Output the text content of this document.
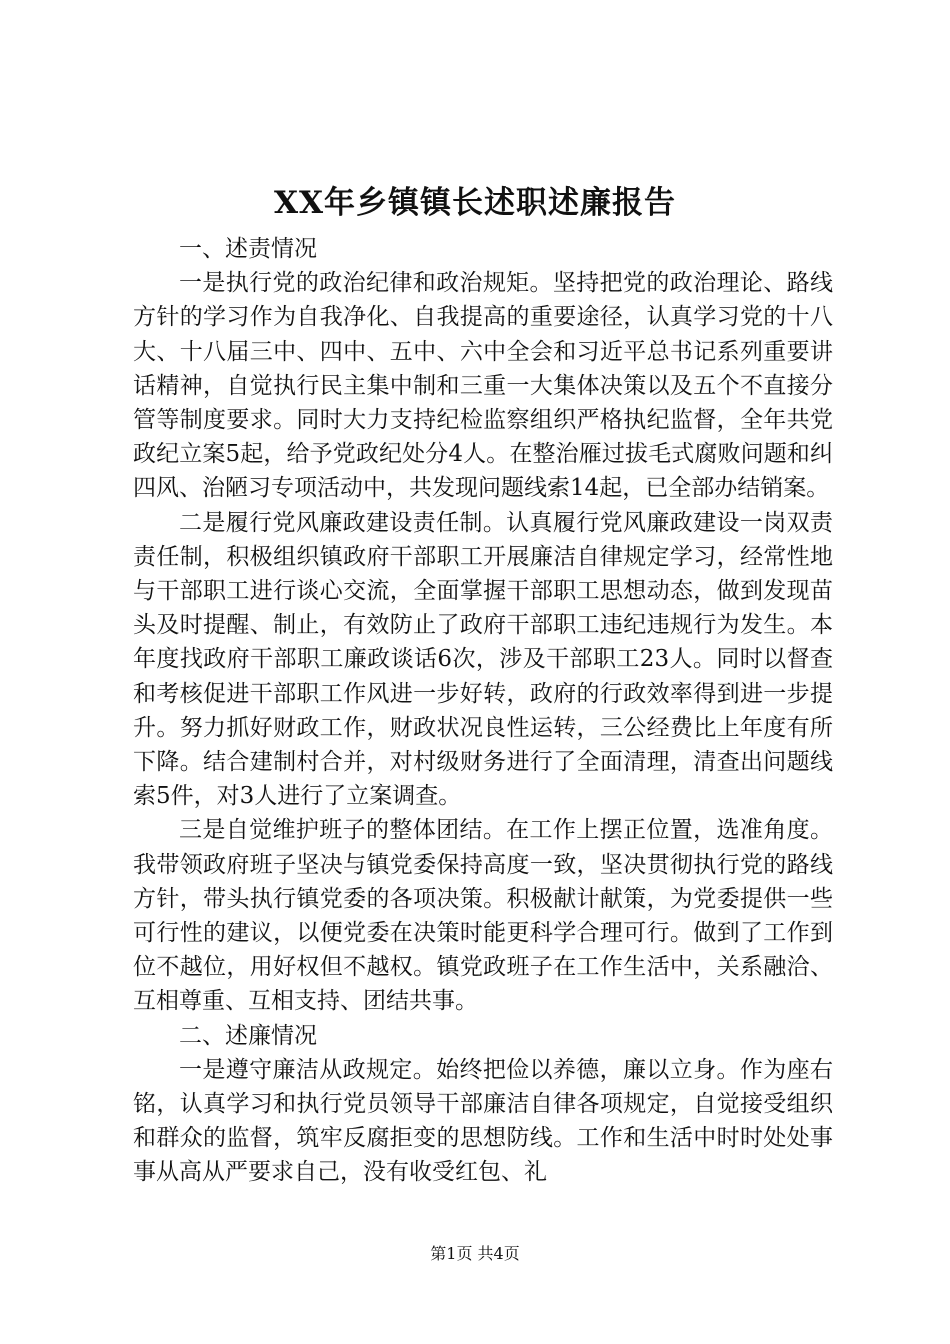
XX年乡镇镇长述职述廉报告

一、述责情况

一是执行党的政治纪律和政治规矩。坚持把党的政治理论、路线方针的学习作为自我净化、自我提高的重要途径，认真学习党的十八大、十八届三中、四中、五中、六中全会和习近平总书记系列重要讲话精神，自觉执行民主集中制和三重一大集体决策以及五个不直接分管等制度要求。同时大力支持纪检监察组织严格执纪监督，全年共党政纪立案5起，给予党政纪处分4人。在整治雁过拔毛式腐败问题和纠四风、治陋习专项活动中，共发现问题线索14起，已全部办结销案。

二是履行党风廉政建设责任制。认真履行党风廉政建设一岗双责责任制，积极组织镇政府干部职工开展廉洁自律规定学习，经常性地与干部职工进行谈心交流，全面掌握干部职工思想动态，做到发现苗头及时提醒、制止，有效防止了政府干部职工违纪违规行为发生。本年度找政府干部职工廉政谈话6次，涉及干部职工23人。同时以督查和考核促进干部职工作风进一步好转，政府的行政效率得到进一步提升。努力抓好财政工作，财政状况良性运转，三公经费比上年度有所下降。结合建制村合并，对村级财务进行了全面清理，清查出问题线索5件，对3人进行了立案调查。

三是自觉维护班子的整体团结。在工作上摆正位置，选准角度。我带领政府班子坚决与镇党委保持高度一致，坚决贯彻执行党的路线方针，带头执行镇党委的各项决策。积极献计献策，为党委提供一些可行性的建议，以便党委在决策时能更科学合理可行。做到了工作到位不越位，用好权但不越权。镇党政班子在工作生活中，关系融洽、互相尊重、互相支持、团结共事。

二、述廉情况

一是遵守廉洁从政规定。始终把俭以养德，廉以立身。作为座右铭，认真学习和执行党员领导干部廉洁自律各项规定，自觉接受组织和群众的监督，筑牢反腐拒变的思想防线。工作和生活中时时处处事事从高从严要求自己，没有收受红包、礼

第1页 共4页
